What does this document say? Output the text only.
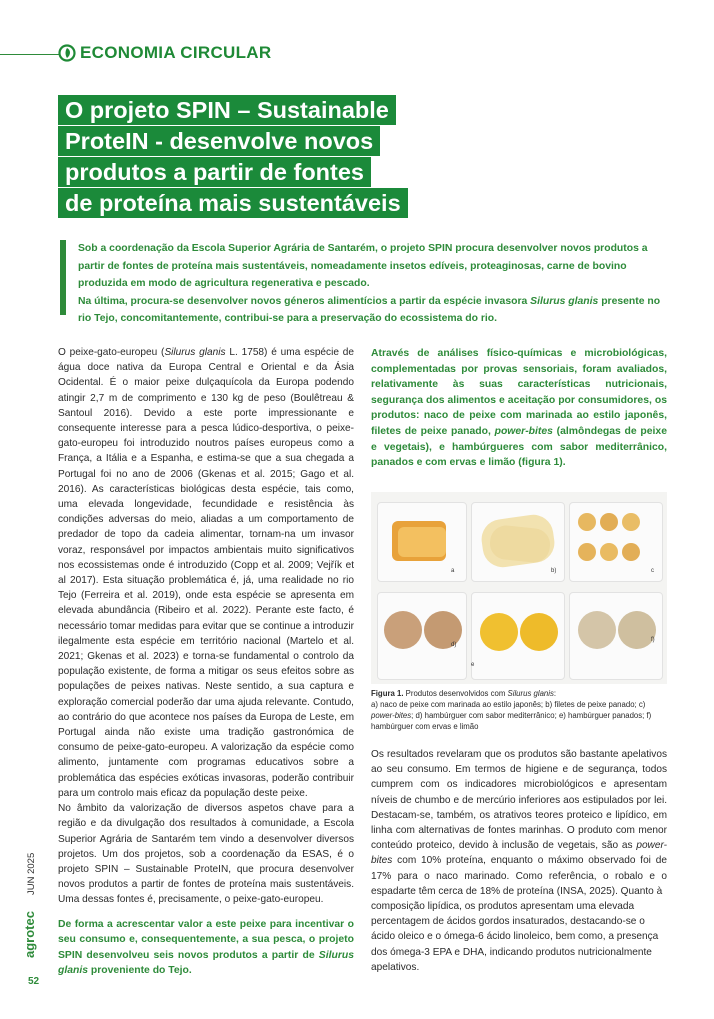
ECONOMIA CIRCULAR
O projeto SPIN – Sustainable
ProteIN - desenvolve novos
produtos a partir de fontes
de proteína mais sustentáveis

Sob a coordenação da Escola Superior Agrária de Santarém, o projeto SPIN procura desenvolver novos produtos a partir de fontes de proteína mais sustentáveis, nomeadamente insetos edíveis, proteaginosas, carne de bovino produzida em modo de agricultura regenerativa e pescado.
Na última, procura-se desenvolver novos géneros alimentícios a partir da espécie invasora Silurus glanis presente no rio Tejo, concomitantemente, contribui-se para a preservação do ecossistema do rio.

O peixe-gato-europeu (Silurus glanis L. 1758) é uma espécie de água doce nativa da Europa Central e Oriental e da Ásia Ocidental. É o maior peixe dulçaquícola da Europa podendo atingir 2,7 m de comprimento e 130 kg de peso (Boulêtreau & Santoul 2016). Devido a este porte impressionante e consequente interesse para a pesca lúdico-desportiva, o peixe-gato-europeu foi introduzido noutros países europeus como a França, a Itália e a Espanha, e estima-se que a sua chegada a Portugal foi no ano de 2006 (Gkenas et al. 2015; Gago et al. 2016). As características biológicas desta espécie, tais como, uma elevada longevidade, fecundidade e resistência às condições adversas do meio, aliadas a um comportamento de predador de topo da cadeia alimentar, tornam-na um invasor voraz, responsável por impactos ambientais muito significativos nos ecossistemas onde é introduzido (Copp et al. 2009; Vejřík et al 2017). Esta situação problemática é, já, uma realidade no rio Tejo (Ferreira et al. 2019), onde esta espécie se apresenta em elevada abundância (Ribeiro et al. 2022). Perante este facto, é necessário tomar medidas para evitar que se continue a introduzir ilegalmente esta espécie em território nacional (Martelo et al. 2021; Gkenas et al. 2023) e torna-se fundamental o controlo da população existente, de forma a mitigar os seus efeitos sobre as populações de peixes nativas. Neste sentido, a sua captura e exploração comercial poderão dar uma ajuda relevante. Contudo, ao contrário do que acontece nos países da Europa de Leste, em Portugal ainda não existe uma tradição gastronómica de consumo de peixe-gato-europeu. A valorização da espécie como alimento, juntamente com programas educativos sobre a problemática das espécies exóticas invasoras, poderão contribuir para um controlo mais eficaz da população deste peixe.

No âmbito da valorização de diversos aspetos chave para a região e da divulgação dos resultados à comunidade, a Escola Superior Agrária de Santarém tem vindo a desenvolver diversos projetos. Um dos projetos, sob a coordenação da ESAS, é o projeto SPIN – Sustainable ProteIN, que procura desenvolver novos produtos a partir de fontes de proteína mais sustentáveis. Uma dessas fontes é, precisamente, o peixe-gato-europeu.

De forma a acrescentar valor a este peixe para incentivar o seu consumo e, consequentemente, a sua pesca, o projeto SPIN desenvolveu seis novos produtos a partir de Silurus glanis proveniente do Tejo.

Através de análises físico-químicas e microbiológicas, complementadas por provas sensoriais, foram avaliados, relativamente às suas características nutricionais, segurança dos alimentos e aceitação por consumidores, os produtos: naco de peixe com marinada ao estilo japonês, filetes de peixe panado, power-bites (almôndegas de peixe e vegetais), e hambúrgueres com sabor mediterrânico, panados e com ervas e limão (figura 1).

a	b)	c
d)
e
f)
Figura 1. Produtos desenvolvidos com Silurus glanis:
a) naco de peixe com marinada ao estilo japonês; b) filetes de peixe panado; c) power-bites; d) hambúrguer com sabor mediterrânico; e) hambúrguer panados; f) hambúrguer com ervas e limão

Os resultados revelaram que os produtos são bastante apelativos ao seu consumo. Em termos de higiene e de segurança, todos cumprem com os indicadores microbiológicos e apresentam níveis de chumbo e de mercúrio inferiores aos estipulados por lei. Destacam-se, também, os atrativos teores proteico e lipídico, em linha com alternativas de fontes marinhas. O produto com menor conteúdo proteico, devido à inclusão de vegetais, são as power-bites com 10% proteína, enquanto o máximo observado foi de 17% para o naco marinado. Como referência, o robalo e o espadarte têm cerca de 18% de proteína (INSA, 2025). Quanto à

composição lipídica, os produtos apresentam uma elevada percentagem de ácidos gordos insaturados, destacando-se o ácido oleico e o ómega-6 ácido linoleico, bem como, a presença dos ómega-3 EPA e DHA, indicando produtos nutricionalmente apelativos.

JUN 2025
agrotec
52
